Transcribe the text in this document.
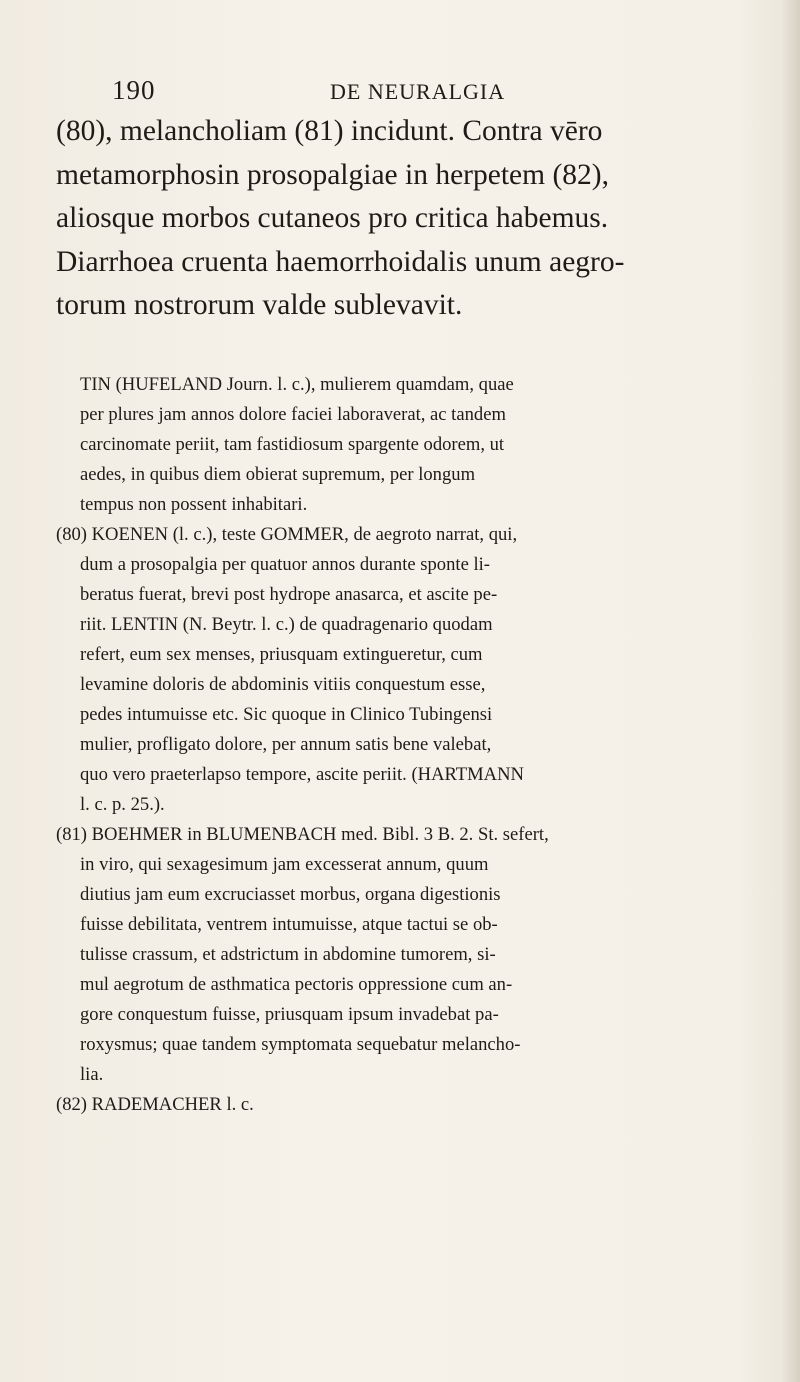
190	DE NEURALGIA
(80), melancholiam (81) incidunt. Contra vēro
metamorphosin prosopalgiae in herpetem (82),
aliosque morbos cutaneos pro critica habemus.
Diarrhoea cruenta haemorrhoidalis unum aegro-
torum nostrorum valde sublevavit.
TIN (HUFELAND Journ. l. c.), mulierem quamdam, quae
per plures jam annos dolore faciei laboraverat, ac tandem
carcinomate periit, tam fastidiosum spargente odorem, ut
aedes, in quibus diem obierat supremum, per longum
tempus non possent inhabitari.
(80) KOENEN (l. c.), teste GOMMER, de aegroto narrat, qui,
dum a prosopalgia per quatuor annos durante sponte li-
beratus fuerat, brevi post hydrope anasarca, et ascite pe-
riit. LENTIN (N. Beytr. l. c.) de quadragenario quodam
refert, eum sex menses, priusquam extingueretur, cum
levamine doloris de abdominis vitiis conquestum esse,
pedes intumuisse etc. Sic quoque in Clinico Tubingensi
mulier, profligato dolore, per annum satis bene valebat,
quo vero praeterlapso tempore, ascite periit. (HARTMANN
l. c. p. 25.).
(81) BOEHMER in BLUMENBACH med. Bibl. 3 B. 2. St. sefert,
in viro, qui sexagesimum jam excesserat annum, quum
diutius jam eum excruciasset morbus, organa digestionis
fuisse debilitata, ventrem intumuisse, atque tactui se ob-
tulisse crassum, et adstrictum in abdomine tumorem, si-
mul aegrotum de asthmatica pectoris oppressione cum an-
gore conquestum fuisse, priusquam ipsum invadebat pa-
roxysmus; quae tandem symptomata sequebatur melancho-
lia.
(82) RADEMACHER l. c.
